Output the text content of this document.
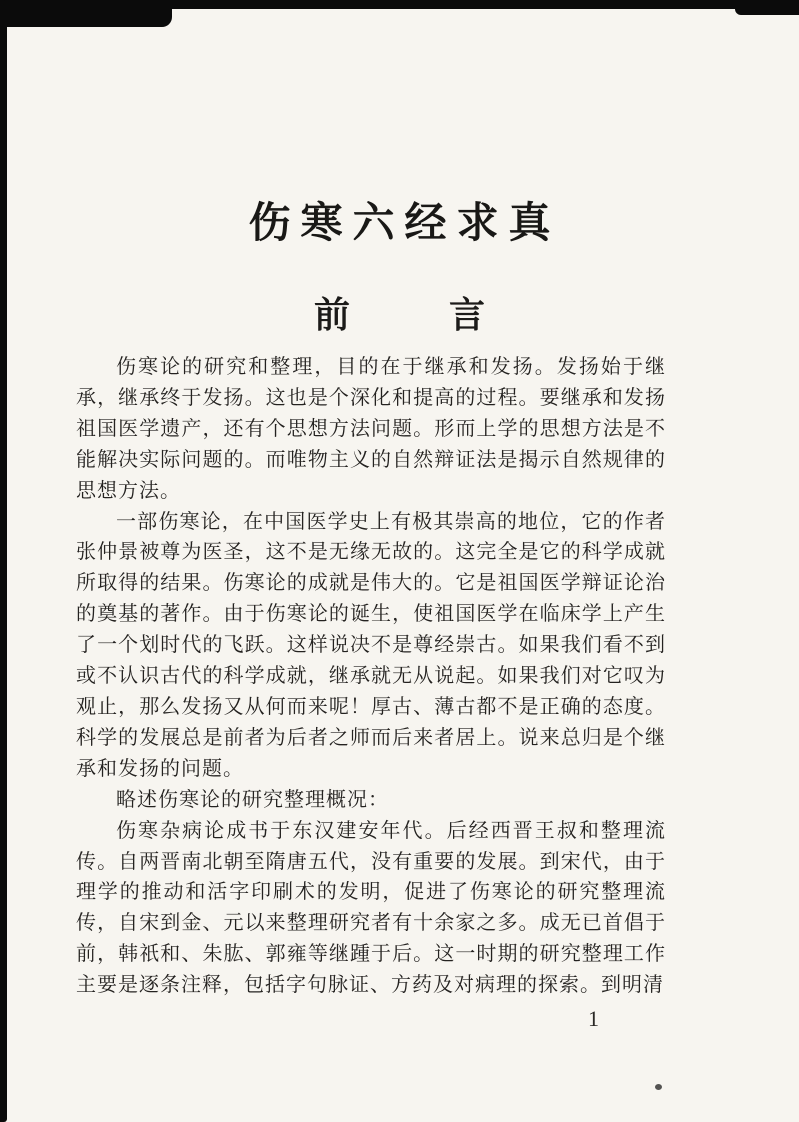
伤寒六经求真
前　　言

伤寒论的研究和整理，目的在于继承和发扬。发扬始于继承，继承终于发扬。这也是个深化和提高的过程。要继承和发扬祖国医学遗产，还有个思想方法问题。形而上学的思想方法是不能解决实际问题的。而唯物主义的自然辩证法是揭示自然规律的思想方法。

一部伤寒论，在中国医学史上有极其崇高的地位，它的作者张仲景被尊为医圣，这不是无缘无故的。这完全是它的科学成就所取得的结果。伤寒论的成就是伟大的。它是祖国医学辩证论治的奠基的著作。由于伤寒论的诞生，使祖国医学在临床学上产生了一个划时代的飞跃。这样说决不是尊经崇古。如果我们看不到或不认识古代的科学成就，继承就无从说起。如果我们对它叹为观止，那么发扬又从何而来呢！厚古、薄古都不是正确的态度。科学的发展总是前者为后者之师而后来者居上。说来总归是个继承和发扬的问题。

略述伤寒论的研究整理概况：

伤寒杂病论成书于东汉建安年代。后经西晋王叔和整理流传。自两晋南北朝至隋唐五代，没有重要的发展。到宋代，由于理学的推动和活字印刷术的发明，促进了伤寒论的研究整理流传，自宋到金、元以来整理研究者有十余家之多。成无已首倡于前，韩祇和、朱肱、郭雍等继踵于后。这一时期的研究整理工作主要是逐条注释，包括字句脉证、方药及对病理的探索。到明清

1
